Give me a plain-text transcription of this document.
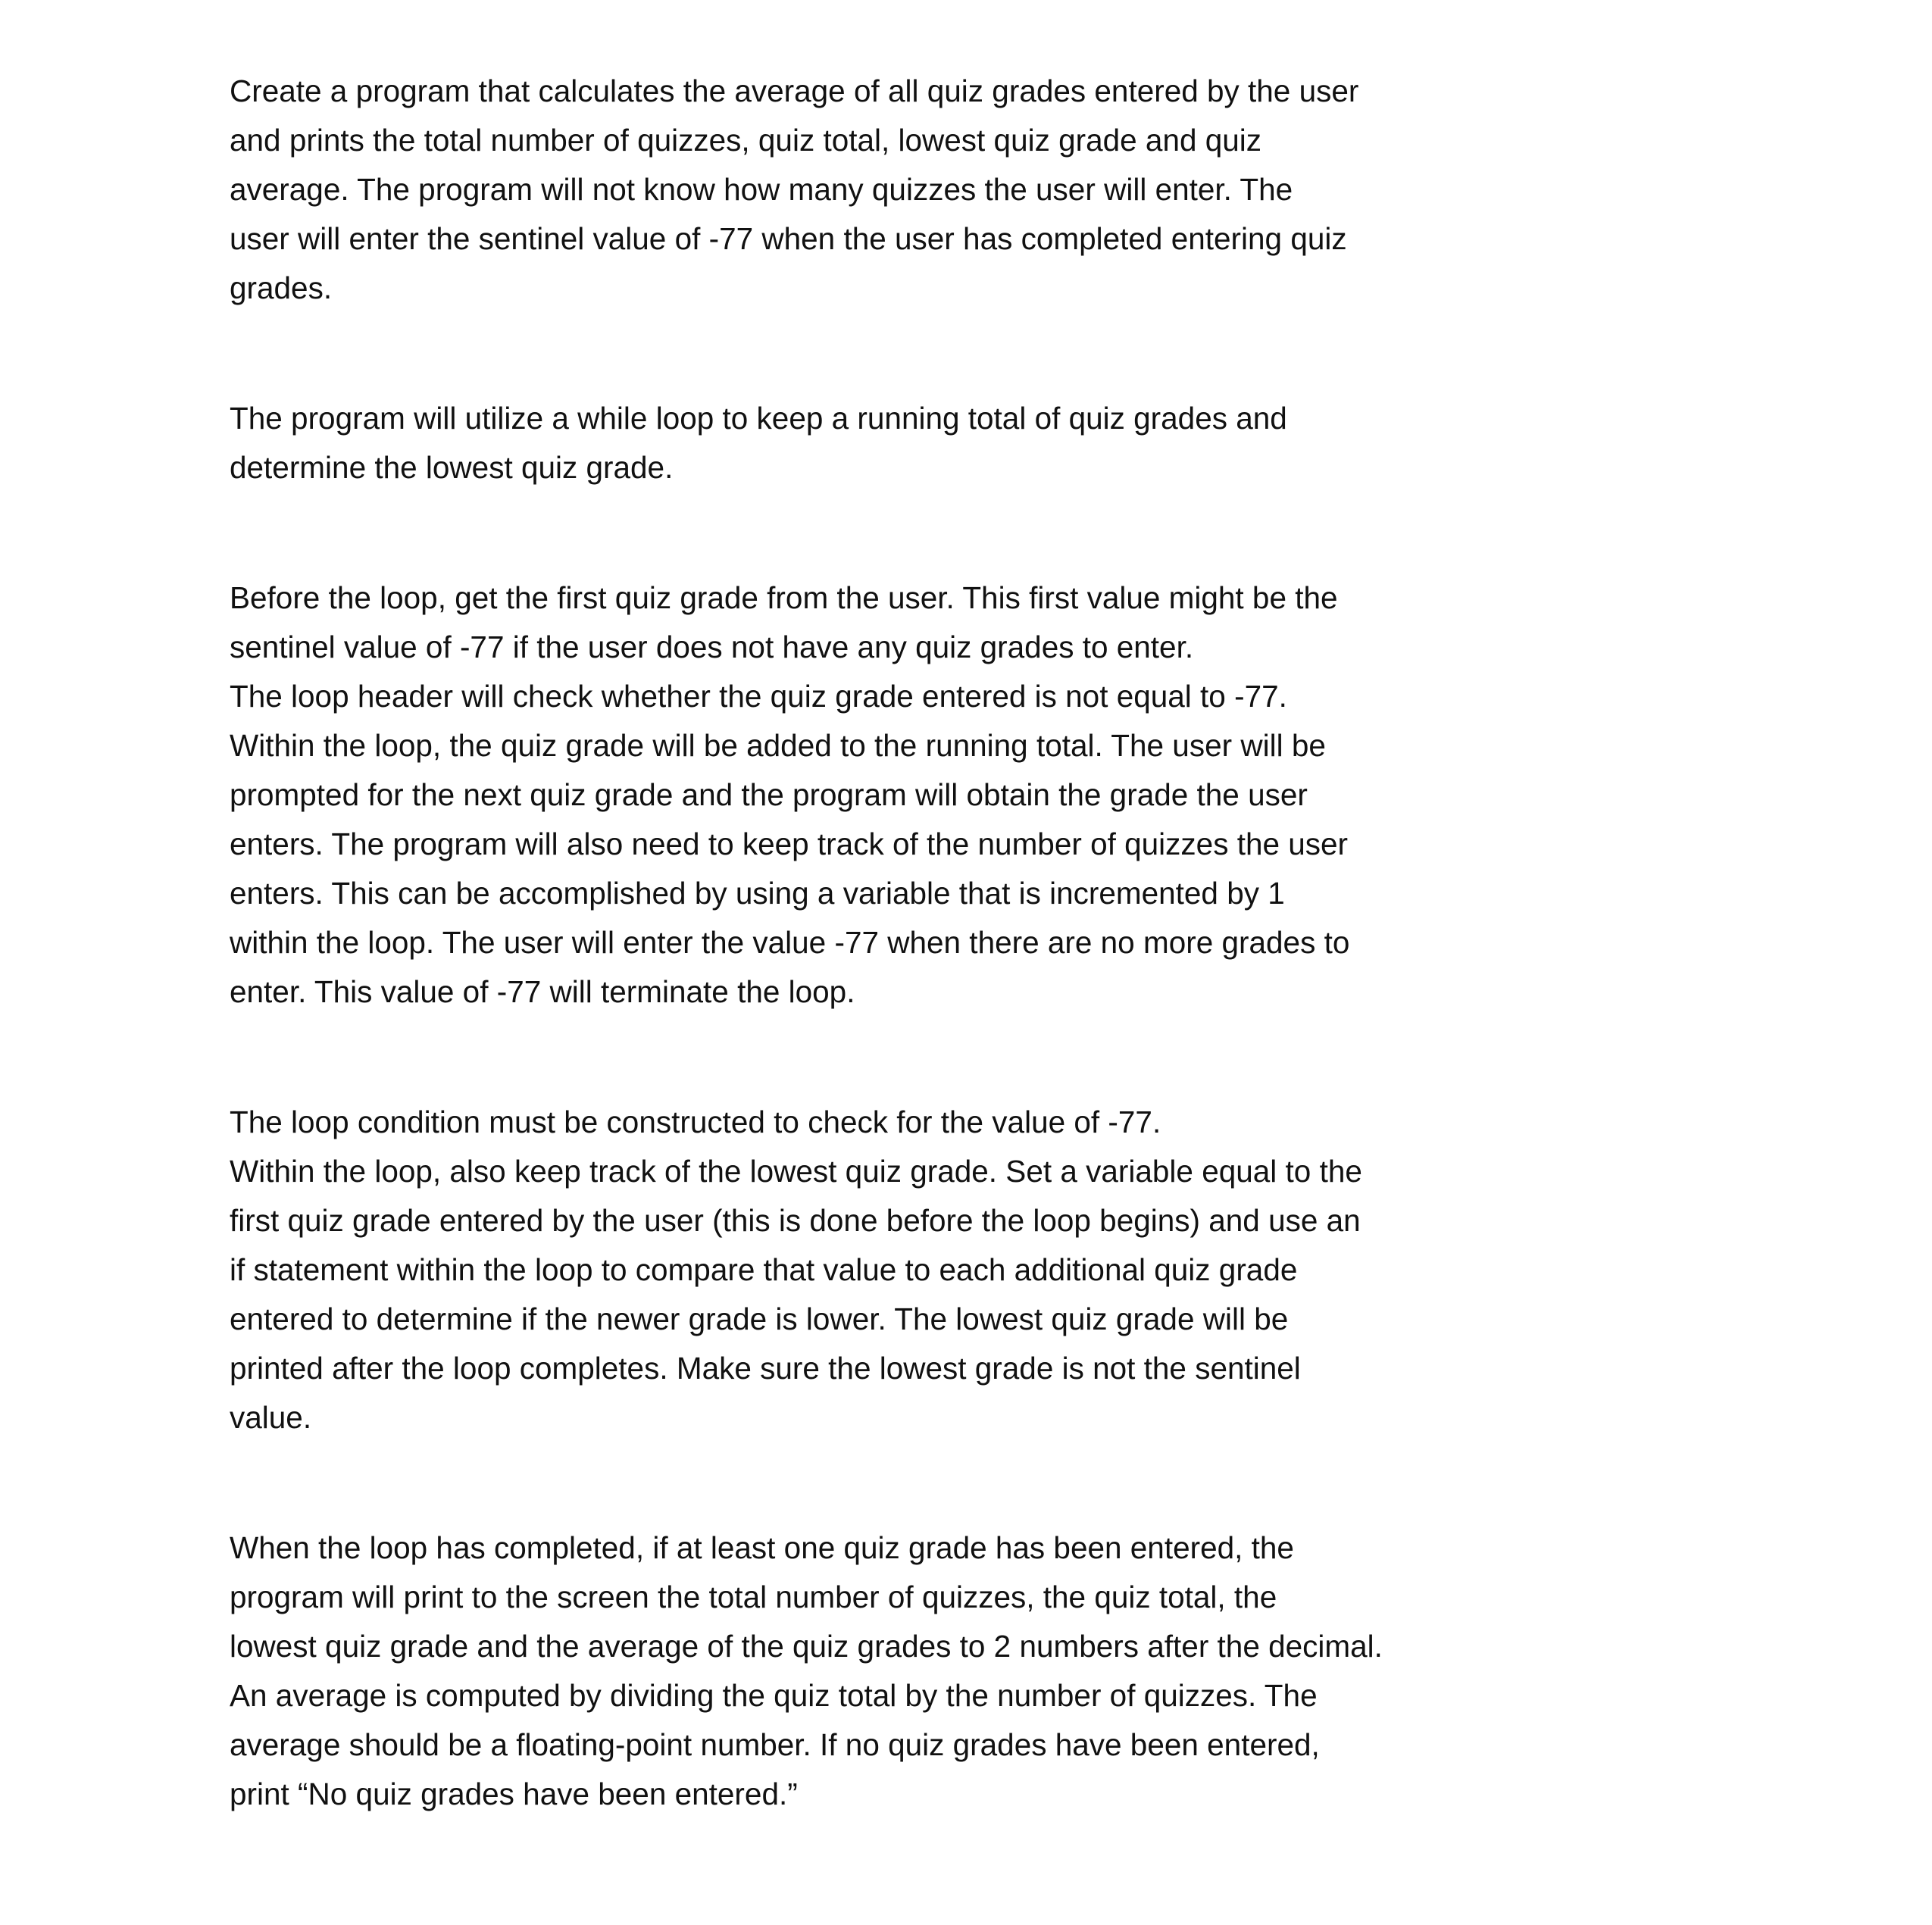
Create a program that calculates the average of all quiz grades entered by the user
and prints the total number of quizzes, quiz total, lowest quiz grade and quiz
average. The program will not know how many quizzes the user will enter. The
user will enter the sentinel value of -77 when the user has completed entering quiz
grades.

The program will utilize a while loop to keep a running total of quiz grades and
determine the lowest quiz grade.

Before the loop, get the first quiz grade from the user. This first value might be the
sentinel value of -77 if the user does not have any quiz grades to enter.
The loop header will check whether the quiz grade entered is not equal to -77.
Within the loop, the quiz grade will be added to the running total. The user will be
prompted for the next quiz grade and the program will obtain the grade the user
enters. The program will also need to keep track of the number of quizzes the user
enters. This can be accomplished by using a variable that is incremented by 1
within the loop. The user will enter the value -77 when there are no more grades to
enter. This value of -77 will terminate the loop.

The loop condition must be constructed to check for the value of -77.
Within the loop, also keep track of the lowest quiz grade. Set a variable equal to the
first quiz grade entered by the user (this is done before the loop begins) and use an
if statement within the loop to compare that value to each additional quiz grade
entered to determine if the newer grade is lower. The lowest quiz grade will be
printed after the loop completes. Make sure the lowest grade is not the sentinel
value.

When the loop has completed, if at least one quiz grade has been entered, the
program will print to the screen the total number of quizzes, the quiz total, the
lowest quiz grade and the average of the quiz grades to 2 numbers after the decimal.
An average is computed by dividing the quiz total by the number of quizzes. The
average should be a floating-point number. If no quiz grades have been entered,
print “No quiz grades have been entered.”
